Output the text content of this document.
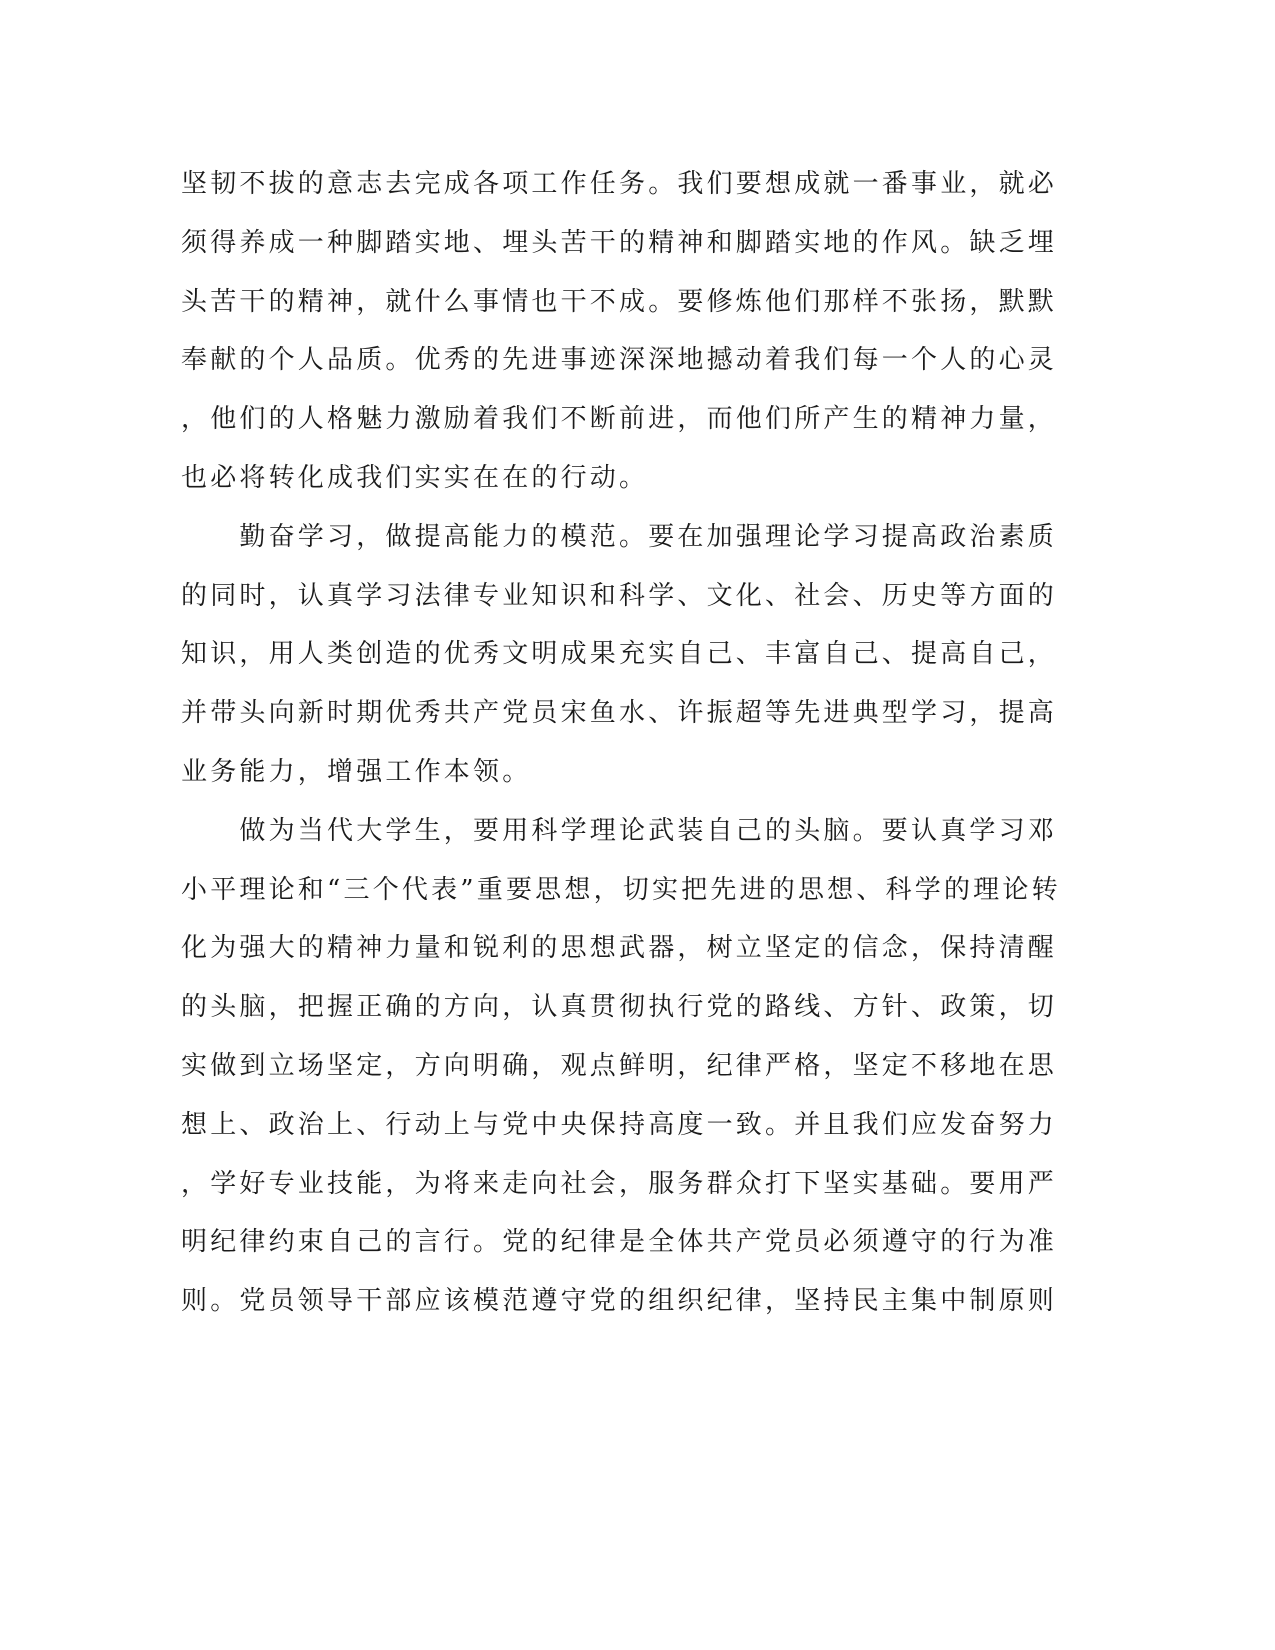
坚韧不拔的意志去完成各项工作任务。我们要想成就一番事业，就必
须得养成一种脚踏实地、埋头苦干的精神和脚踏实地的作风。缺乏埋
头苦干的精神，就什么事情也干不成。要修炼他们那样不张扬，默默
奉献的个人品质。优秀的先进事迹深深地撼动着我们每一个人的心灵
，他们的人格魅力激励着我们不断前进，而他们所产生的精神力量，
也必将转化成我们实实在在的行动。
　　勤奋学习，做提高能力的模范。要在加强理论学习提高政治素质
的同时，认真学习法律专业知识和科学、文化、社会、历史等方面的
知识，用人类创造的优秀文明成果充实自己、丰富自己、提高自己，
并带头向新时期优秀共产党员宋鱼水、许振超等先进典型学习，提高
业务能力，增强工作本领。
　　做为当代大学生，要用科学理论武装自己的头脑。要认真学习邓
小平理论和“三个代表”重要思想，切实把先进的思想、科学的理论转
化为强大的精神力量和锐利的思想武器，树立坚定的信念，保持清醒
的头脑，把握正确的方向，认真贯彻执行党的路线、方针、政策，切
实做到立场坚定，方向明确，观点鲜明，纪律严格，坚定不移地在思
想上、政治上、行动上与党中央保持高度一致。并且我们应发奋努力
，学好专业技能，为将来走向社会，服务群众打下坚实基础。要用严
明纪律约束自己的言行。党的纪律是全体共产党员必须遵守的行为准
则。党员领导干部应该模范遵守党的组织纪律，坚持民主集中制原则
